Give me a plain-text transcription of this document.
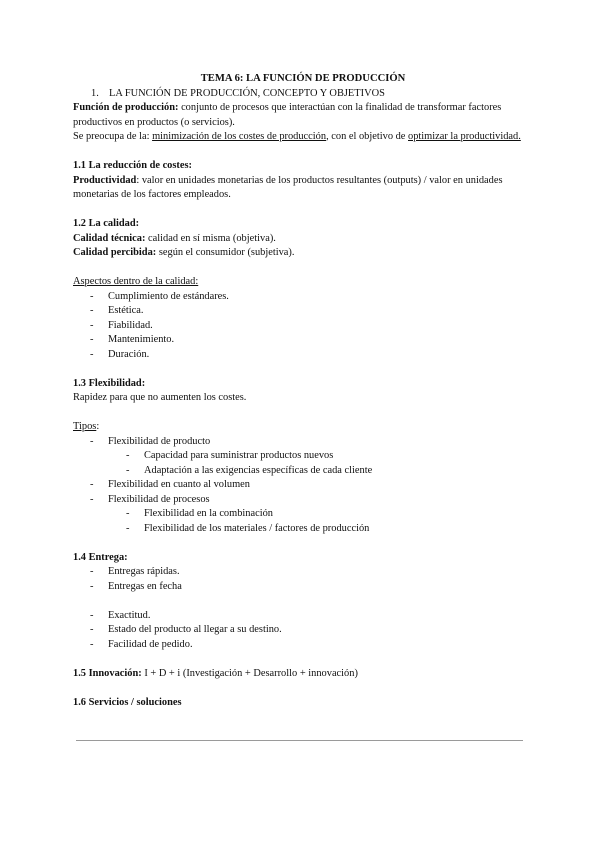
TEMA 6: LA FUNCIÓN DE PRODUCCIÓN

1. LA FUNCIÓN DE PRODUCCIÓN, CONCEPTO Y OBJETIVOS

Función de producción: conjunto de procesos que interactúan con la finalidad de transformar factores productivos en productos (o servicios).

Se preocupa de la: minimización de los costes de producción, con el objetivo de optimizar la productividad.

1.1 La reducción de costes:

Productividad: valor en unidades monetarias de los productos resultantes (outputs) / valor en unidades monetarias de los factores empleados.

1.2 La calidad:

Calidad técnica: calidad en sí misma (objetiva).

Calidad percibida: según el consumidor (subjetiva).

Aspectos dentro de la calidad:

- Cumplimiento de estándares.
- Estética.
- Fiabilidad.
- Mantenimiento.
- Duración.

1.3 Flexibilidad:

Rapidez para que no aumenten los costes.

Tipos:

- Flexibilidad de producto
- Capacidad para suministrar productos nuevos
- Adaptación a las exigencias específicas de cada cliente
- Flexibilidad en cuanto al volumen
- Flexibilidad de procesos
- Flexibilidad en la combinación
- Flexibilidad de los materiales / factores de producción

1.4 Entrega:

- Entregas rápidas.
- Entregas en fecha
- Exactitud.
- Estado del producto al llegar a su destino.
- Facilidad de pedido.

1.5 Innovación: I + D + i (Investigación + Desarrollo + innovación)

1.6 Servicios / soluciones
